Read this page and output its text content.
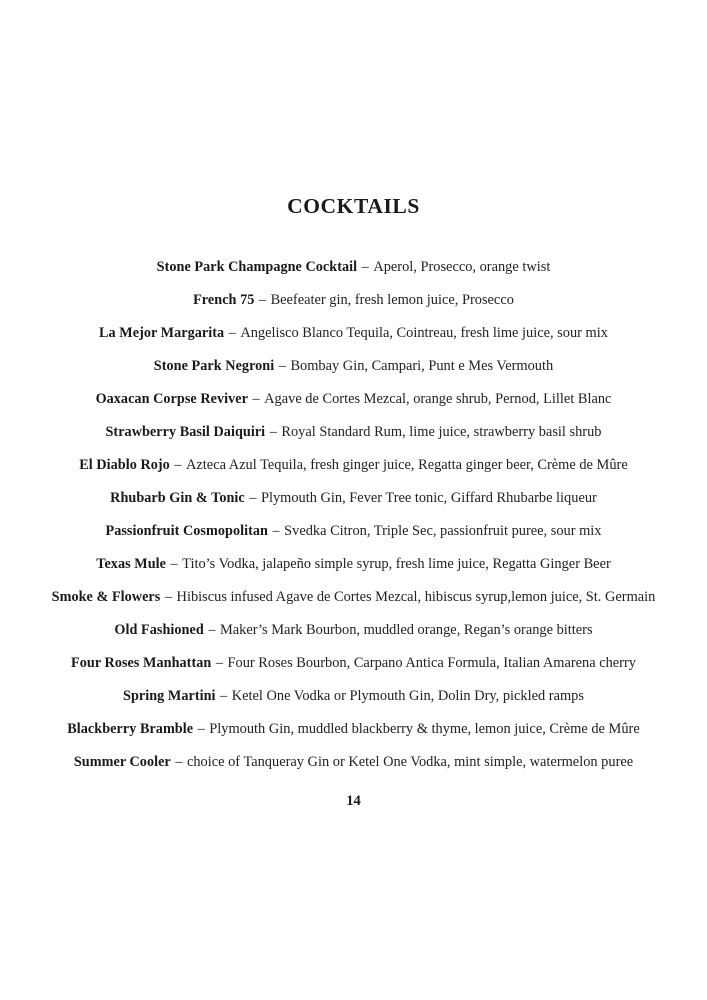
COCKTAILS
Stone Park Champagne Cocktail – Aperol, Prosecco, orange twist
French 75 – Beefeater gin, fresh lemon juice, Prosecco
La Mejor Margarita – Angelisco Blanco Tequila, Cointreau, fresh lime juice, sour mix
Stone Park Negroni – Bombay Gin, Campari, Punt e Mes Vermouth
Oaxacan Corpse Reviver – Agave de Cortes Mezcal, orange shrub, Pernod, Lillet Blanc
Strawberry Basil Daiquiri – Royal Standard Rum, lime juice, strawberry basil shrub
El Diablo Rojo – Azteca Azul Tequila, fresh ginger juice, Regatta ginger beer, Crème de Mûre
Rhubarb Gin & Tonic – Plymouth Gin, Fever Tree tonic, Giffard Rhubarbe liqueur
Passionfruit Cosmopolitan – Svedka Citron, Triple Sec, passionfruit puree, sour mix
Texas Mule – Tito’s Vodka, jalapeño simple syrup, fresh lime juice, Regatta Ginger Beer
Smoke & Flowers – Hibiscus infused Agave de Cortes Mezcal, hibiscus syrup,lemon juice, St. Germain
Old Fashioned – Maker’s Mark Bourbon, muddled orange, Regan’s orange bitters
Four Roses Manhattan – Four Roses Bourbon, Carpano Antica Formula, Italian Amarena cherry
Spring Martini – Ketel One Vodka or Plymouth Gin, Dolin Dry, pickled ramps
Blackberry Bramble – Plymouth Gin, muddled blackberry & thyme, lemon juice, Crème de Mûre
Summer Cooler – choice of Tanqueray Gin or Ketel One Vodka, mint simple, watermelon puree
14
